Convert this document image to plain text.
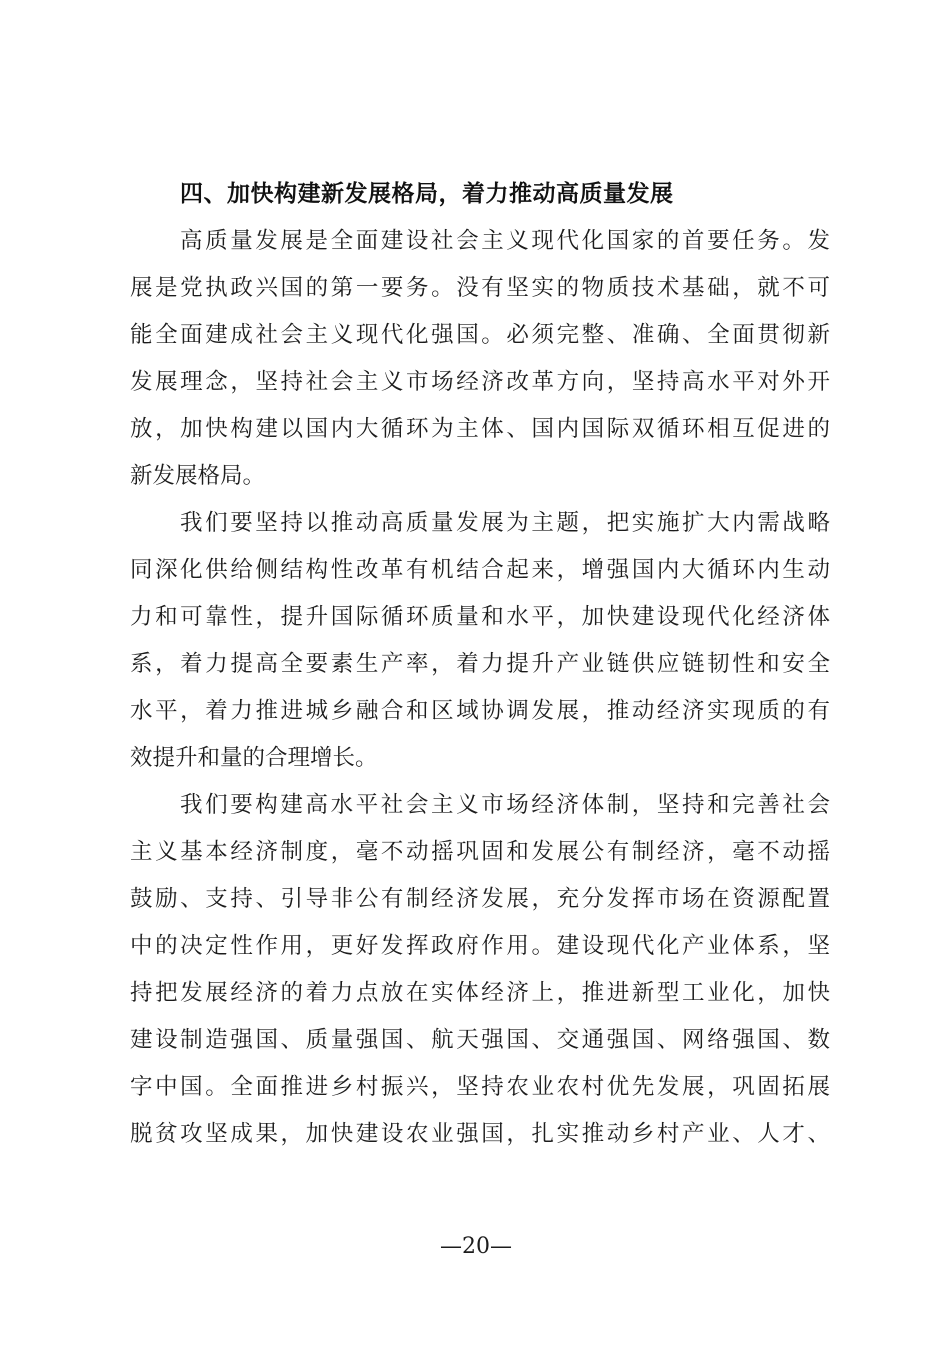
四、加快构建新发展格局，着力推动高质量发展

高质量发展是全面建设社会主义现代化国家的首要任务。发

展是党执政兴国的第一要务。没有坚实的物质技术基础，就不可

能全面建成社会主义现代化强国。必须完整、准确、全面贯彻新

发展理念，坚持社会主义市场经济改革方向，坚持高水平对外开

放，加快构建以国内大循环为主体、国内国际双循环相互促进的

新发展格局。

我们要坚持以推动高质量发展为主题，把实施扩大内需战略

同深化供给侧结构性改革有机结合起来，增强国内大循环内生动

力和可靠性，提升国际循环质量和水平，加快建设现代化经济体

系，着力提高全要素生产率，着力提升产业链供应链韧性和安全

水平，着力推进城乡融合和区域协调发展，推动经济实现质的有

效提升和量的合理增长。

我们要构建高水平社会主义市场经济体制，坚持和完善社会

主义基本经济制度，毫不动摇巩固和发展公有制经济，毫不动摇

鼓励、支持、引导非公有制经济发展，充分发挥市场在资源配置

中的决定性作用，更好发挥政府作用。建设现代化产业体系，坚

持把发展经济的着力点放在实体经济上，推进新型工业化，加快

建设制造强国、质量强国、航天强国、交通强国、网络强国、数

字中国。全面推进乡村振兴，坚持农业农村优先发展，巩固拓展

脱贫攻坚成果，加快建设农业强国，扎实推动乡村产业、人才、

—20—
